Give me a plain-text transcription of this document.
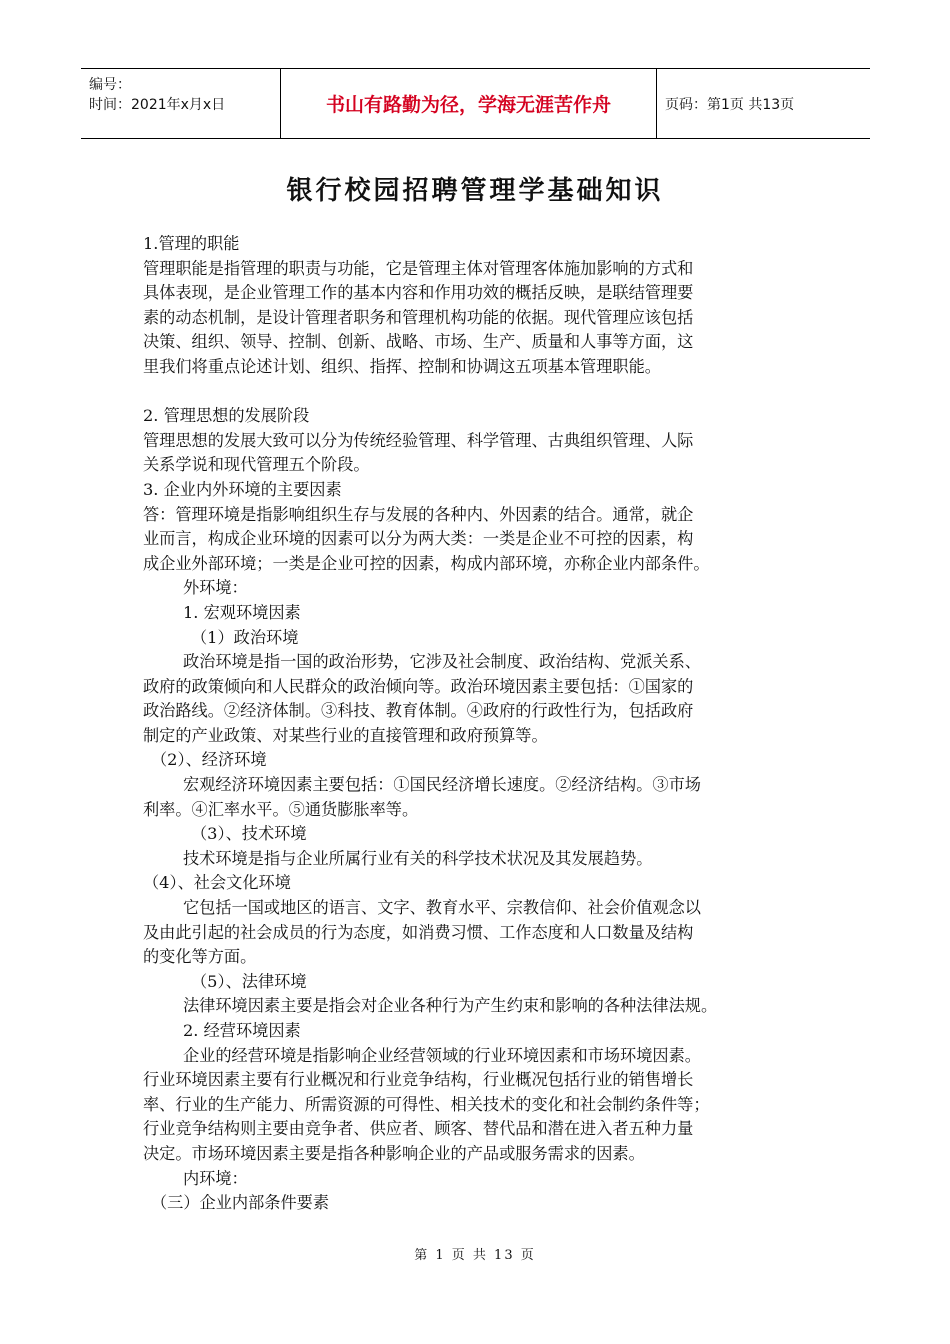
编号：
时间：2021年x月x日	书山有路勤为径，学海无涯苦作舟	页码：第1页 共13页
银行校园招聘管理学基础知识

1.管理的职能

管理职能是指管理的职责与功能，它是管理主体对管理客体施加影响的方式和

具体表现，是企业管理工作的基本内容和作用功效的概括反映，是联结管理要

素的动态机制，是设计管理者职务和管理机构功能的依据。现代管理应该包括

决策、组织、领导、控制、创新、战略、市场、生产、质量和人事等方面，这

里我们将重点论述计划、组织、指挥、控制和协调这五项基本管理职能。

2. 管理思想的发展阶段

管理思想的发展大致可以分为传统经验管理、科学管理、古典组织管理、人际

关系学说和现代管理五个阶段。

3. 企业内外环境的主要因素

答：管理环境是指影响组织生存与发展的各种内、外因素的结合。通常，就企

业而言，构成企业环境的因素可以分为两大类：一类是企业不可控的因素，构

成企业外部环境；一类是企业可控的因素，构成内部环境，亦称企业内部条件。

外环境：

1. 宏观环境因素

（1）政治环境

政治环境是指一国的政治形势，它涉及社会制度、政治结构、党派关系、

政府的政策倾向和人民群众的政治倾向等。政治环境因素主要包括：①国家的

政治路线。②经济体制。③科技、教育体制。④政府的行政性行为，包括政府

制定的产业政策、对某些行业的直接管理和政府预算等。

（2）、经济环境

宏观经济环境因素主要包括：①国民经济增长速度。②经济结构。③市场

利率。④汇率水平。⑤通货膨胀率等。

（3）、技术环境

技术环境是指与企业所属行业有关的科学技术状况及其发展趋势。

（4）、社会文化环境

它包括一国或地区的语言、文字、教育水平、宗教信仰、社会价值观念以

及由此引起的社会成员的行为态度，如消费习惯、工作态度和人口数量及结构

的变化等方面。

（5）、法律环境

法律环境因素主要是指会对企业各种行为产生约束和影响的各种法律法规。

2. 经营环境因素

企业的经营环境是指影响企业经营领域的行业环境因素和市场环境因素。

行业环境因素主要有行业概况和行业竞争结构，行业概况包括行业的销售增长

率、行业的生产能力、所需资源的可得性、相关技术的变化和社会制约条件等；

行业竞争结构则主要由竞争者、供应者、顾客、替代品和潜在进入者五种力量

决定。市场环境因素主要是指各种影响企业的产品或服务需求的因素。

内环境：

（三）企业内部条件要素

第 1 页 共 13 页
